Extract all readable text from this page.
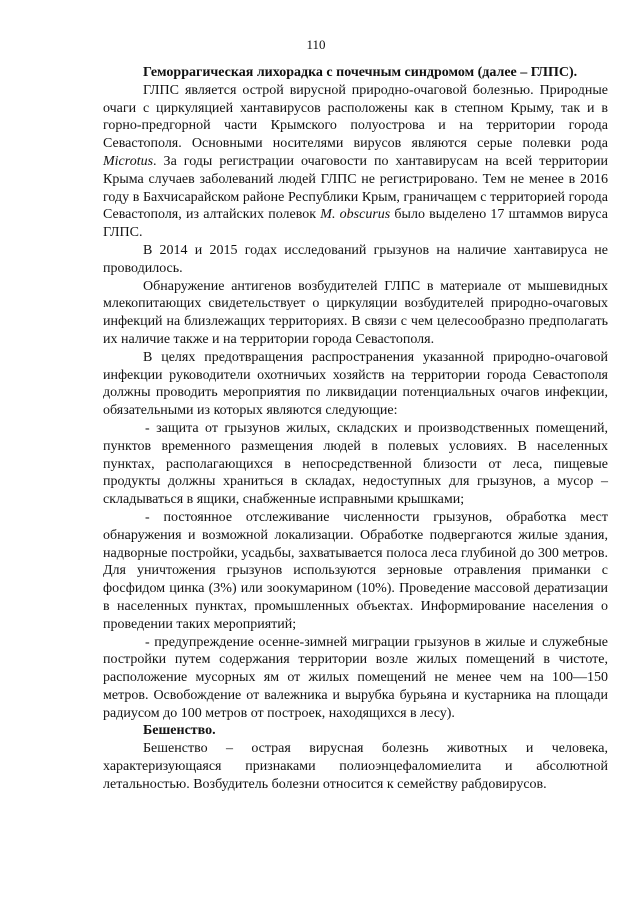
110

Геморрагическая лихорадка с почечным синдромом (далее – ГЛПС).

ГЛПС является острой вирусной природно-очаговой болезнью. Природные очаги с циркуляцией хантавирусов расположены как в степном Крыму, так и в горно-предгорной части Крымского полуострова и на территории города Севастополя. Основными носителями вирусов являются серые полевки рода Microtus. За годы регистрации очаговости по хантавирусам на всей территории Крыма случаев заболеваний людей ГЛПС не регистрировано. Тем не менее в 2016 году в Бахчисарайском районе Республики Крым, граничащем с территорией города Севастополя, из алтайских полевок M. obscurus было выделено 17 штаммов вируса ГЛПС.

В 2014 и 2015 годах исследований грызунов на наличие хантавируса не проводилось.

Обнаружение антигенов возбудителей ГЛПС в материале от мышевидных млекопитающих свидетельствует о циркуляции возбудителей природно-очаговых инфекций на близлежащих территориях. В связи с чем целесообразно предполагать их наличие также и на территории города Севастополя.

В целях предотвращения распространения указанной природно-очаговой инфекции руководители охотничьих хозяйств на территории города Севастополя должны проводить мероприятия по ликвидации потенциальных очагов инфекции, обязательными из которых являются следующие:

- защита от грызунов жилых, складских и производственных помещений, пунктов временного размещения людей в полевых условиях. В населенных пунктах, располагающихся в непосредственной близости от леса, пищевые продукты должны храниться в складах, недоступных для грызунов, а мусор – складываться в ящики, снабженные исправными крышками;

- постоянное отслеживание численности грызунов, обработка мест обнаружения и возможной локализации. Обработке подвергаются жилые здания, надворные постройки, усадьбы, захватывается полоса леса глубиной до 300 метров. Для уничтожения грызунов используются зерновые отравления приманки с фосфидом цинка (3%) или зоокумарином (10%). Проведение массовой дератизации в населенных пунктах, промышленных объектах. Информирование населения о проведении таких мероприятий;

- предупреждение осенне-зимней миграции грызунов в жилые и служебные постройки путем содержания территории возле жилых помещений в чистоте, расположение мусорных ям от жилых помещений не менее чем на 100—150 метров. Освобождение от валежника и вырубка бурьяна и кустарника на площади радиусом до 100 метров от построек, находящихся в лесу).

Бешенство.

Бешенство – острая вирусная болезнь животных и человека, характеризующаяся признаками полиоэнцефаломиелита и абсолютной летальностью. Возбудитель болезни относится к семейству рабдовирусов.
